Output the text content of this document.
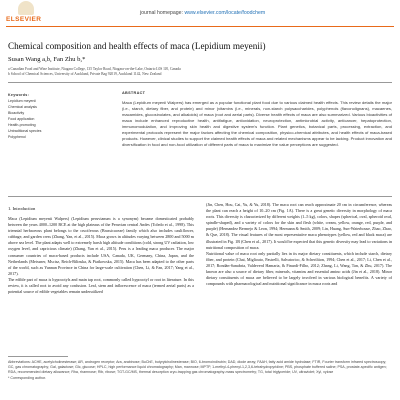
ELSEVIER
journal homepage: www.elsevier.com/locate/foodchem
Chemical composition and health effects of maca (Lepidium meyenii)
Susan Wang a,b, Fan Zhu b,*
a Canadian Food and Wine Institute, Niagara College, 135 Taylor Road, Niagara-on-the-Lake, Ontario L0S 1J0, Canada
b School of Chemical Sciences, University of Auckland, Private Bag 92019, Auckland 1142, New Zealand
Keywords:
Lepidium meyenii
Chemical analysis
Bioactivity
Food application
Health-promoting
Untraditional species
Polyphenol
ABSTRACT
Maca (Lepidium meyenii Walpers) has emerged as a popular functional plant food due to various claimed health effects. This review details the major (i.e., starch, dietary fiber, and protein) and minor (vitamins (i.e., minerals, non-starch polysaccharides, polyphenols (flavonolignans), macaenes, macamides, glucosinolates, and alkaloids) of maca (root and aerial parts). Diverse health effects of maca are also summarized. Various bioactivities of maca include enhanced reproductive health, antifatigue, antioxidation, neuroprotection, antimicrobial activity, anticancer, hepatoprotection, immunomodulation, and improving skin health and digestive system's function. Plant genetics, botanical parts, processing, extraction, and experimental protocols represent the major factors affecting the chemical composition, physico-chemical attributes, and health effects of maca-based products. However, clinical studies to support the claimed health effects of maca and related mechanisms appear to be lacking. Product innovation and diversification in food and non-food utilization of different parts of maca to maximize the value perceptions are suggested.
1. Introduction
Maca (Lepidium meyenii Walpers) (Lepidium peruvianum is a synonym) became domesticated probably between the years 4000–1200 BCE at the high plateaus of the Peruvian central Andes (Toledo et al., 1998). This triennial herbaceous plant belongs to the cruciferous (Brassicaceae) family which also includes cauliflower, cabbage, and garden cress (Zhang, Yan, et al., 2015). Maca grows in altitudes varying between 2800 and 5000 m above sea level. The plant adapts well to extremely harsh high altitude conditions (cold, strong UV radiation, low oxygen level, and capricious climate) (Zhang, Yan et al., 2015). Peru is a leading maca producer. The major consumer countries of maca-based products include USA, Canada, UK, Germany, China, Japan, and the Netherlands (Meissner, Mscisz, Reich-Bilinska, & Piatkowska, 2015). Maca has been adapted to the other parts of the world, such as Yunnan Province in China for large-scale cultivation (Chen, Li, & Fan, 2017; Yang et al., 2017).
The edible part of maca is hypocotyls and main tap root, commonly called hypocotyl or root in literature. In this review, it is called root to avoid any confusion. Leaf, stem and inflorescence of maca (termed aerial parts) as a potential source of edible vegetables remain underutilized
(Jin, Chen, Hou, Cai, Yu, & Yu, 2018). The maca root can reach approximate 20 cm in circumference, whereas the plant can reach a height of 10–20 cm (Fig. 1A). There is a great genetic diversity in morphology of maca roots. This diversity is characterized by different weights (1–5 kg), colors, shapes (spherical, oval, spheroid oval, spindle-shaped), and a variety of colors for the skin and flesh (white, cream, yellow, orange, red, purple, and purple) (Hernandez Bermejo & Leon, 1994; Hermann & Smith, 2009; Lin, Huang, Sun-Waterhouse, Zhao, Zhao, & Que, 2018). The visual features of the most representative maca phenotypes (yellow, red and black maca) are illustrated in Fig. 1B (Chen et al., 2017). It would be expected that this genetic diversity may lead to variations in nutritional composition of maca.
Nutritional value of maca root only partially lies in its major dietary constituents, which include starch, dietary fiber, and protein (Chai, Miglioato, Pastrelli, Salvatorico, & Scheriltion, 1994; Chen et al., 2017; Li, Chen et al., 2017; Rondàn-Sanabria, Valdeverd Hamaria, & Finardi-Filho, 2012; Zhang, Li, Wang, Tan, & Zhu, 2017). The known are also a source of dietary fiber, minerals, vitamins and essential amino acids (Jin et al., 2018). Minor dietary constituents of maca are believed to be largely involved in various biological benefits. A variety of compounds with pharmacological and nutritional significance in maca roots and
Abbreviations: ACHE, acetylcholinesterase; AR, androgen receptor; Ara, arabinose; BuChE, butyrylcholinesterase; BIO, 6-bromoindirubin; DAD, diode array; FAAH, fatty acid amide hydrolase; FTIR, Fourier transform infrared spectroscopy; GC, gas chromatography; Gal, galactose; Glc, glucose; HPLC, high performance liquid chromatography; Man, mannose; MPTP, 1-methyl-4-phenyl-1,2,3,6-tetrahydropyridine; PBS, phosphate buffered saline; PSA, prostate-specific antigen; RDA, recommended dietary allowance; Rha, rhamnose; Rib, ribose; TGT-GC/MS, thermal desorption cryo-trapping gas chromatography-mass spectrometry; TG, total triglyceride; UV, ultraviolet; Xyl, xylose
* Corresponding author.
